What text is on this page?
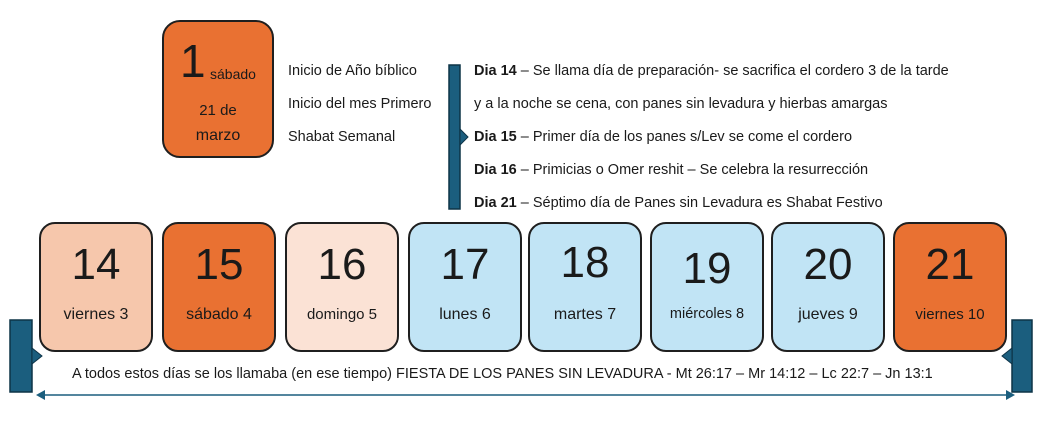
1 sábado
21 de
marzo
Inicio de Año bíblico
Inicio del mes Primero
Shabat Semanal
Dia 14 – Se llama día de preparación- se sacrifica el cordero 3 de la tarde
y a la noche se cena, con panes sin levadura y hierbas amargas
Dia 15 – Primer día de los panes s/Lev se come el cordero
Dia 16 – Primicias o Omer reshit – Se celebra la resurrección
Dia 21 – Séptimo día de Panes sin Levadura es Shabat Festivo
14
viernes 3
15
sábado 4
16
domingo 5
17
lunes 6
18
martes 7
19
miércoles 8
20
jueves 9
21
viernes 10
A todos estos días se los llamaba (en ese tiempo) FIESTA DE LOS PANES SIN LEVADURA - Mt 26:17 – Mr 14:12 – Lc 22:7 – Jn 13:1
